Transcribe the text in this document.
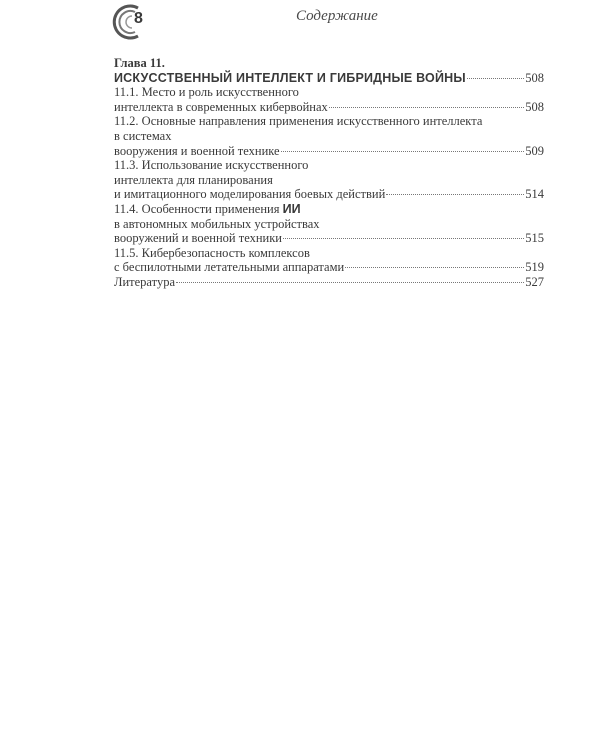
8	Содержание
Глава 11.
ИСКУССТВЕННЫЙ ИНТЕЛЛЕКТ И ГИБРИДНЫЕ ВОЙНЫ	508
11.1. Место и роль искусственного
интеллекта в современных кибервойнах	508
11.2. Основные направления применения искусственного интеллекта
в системах
вооружения и военной технике	509
11.3. Использование искусственного
интеллекта для планирования
и имитационного моделирования боевых действий	514
11.4. Особенности применения ИИ
в автономных мобильных устройствах
вооружений и военной техники	515
11.5. Кибербезопасность комплексов
с беспилотными летательными аппаратами	519
Литература	527
